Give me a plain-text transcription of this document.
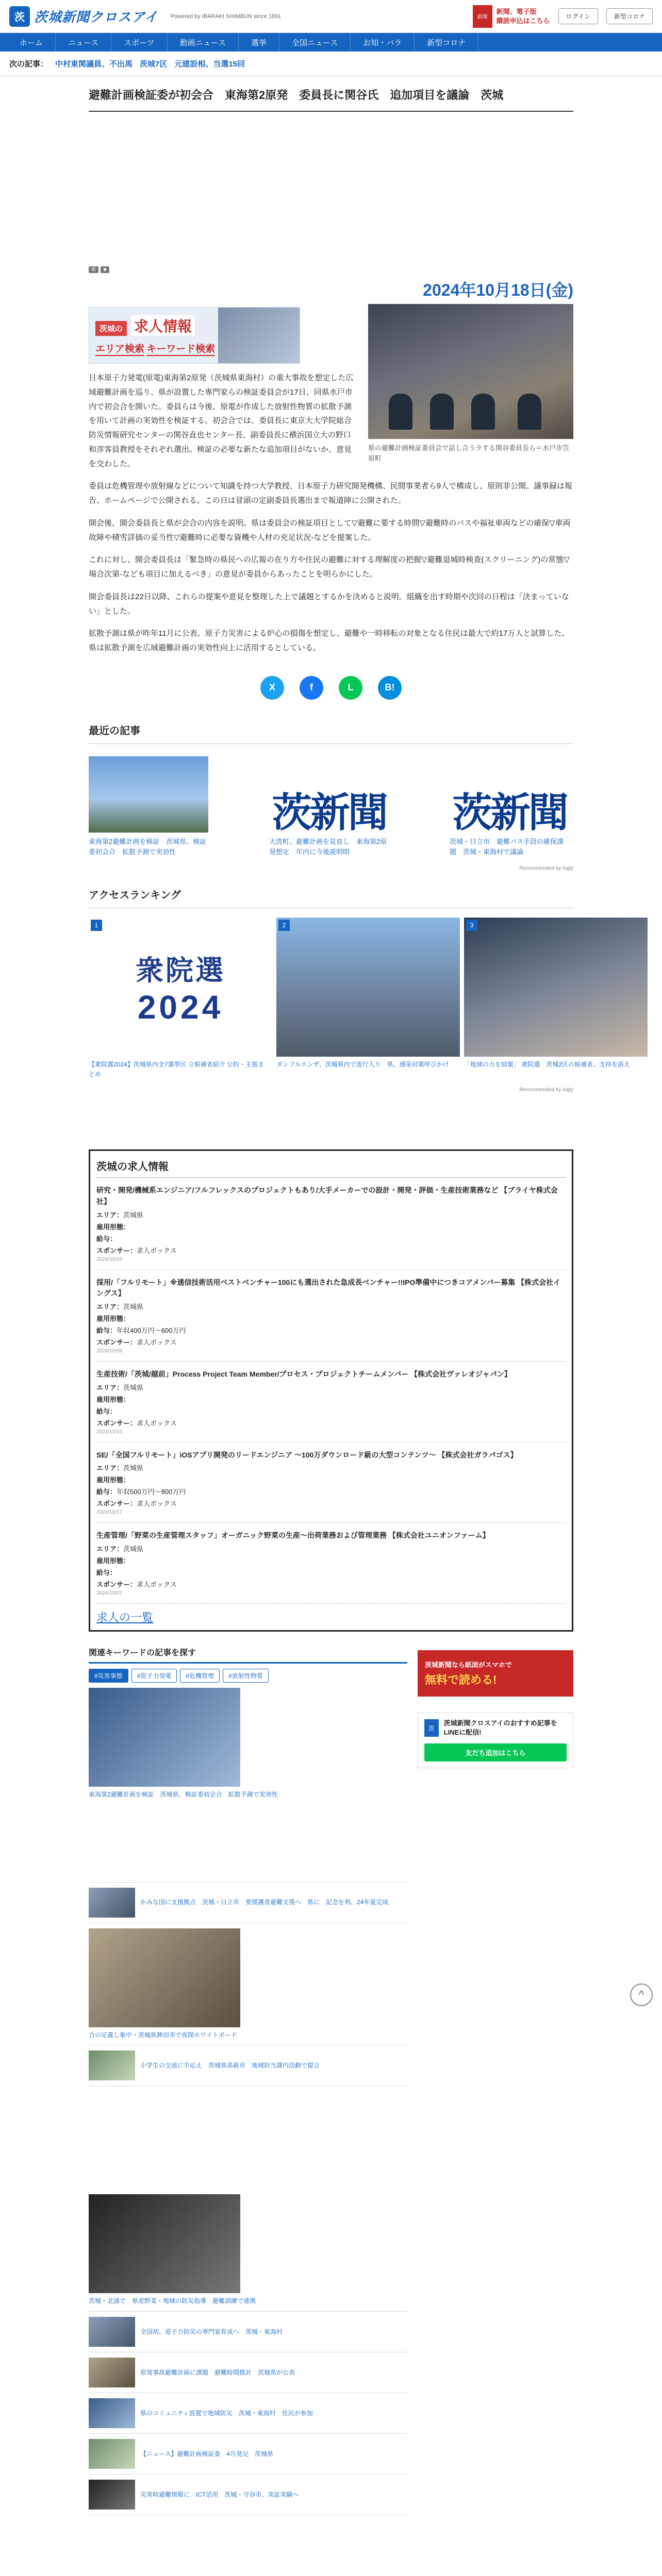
茨 茨城新聞クロスアイ Powered by IBARAKI SHIMBUN since 1891	新聞
新聞、電子版
購読申込はこちら
ログイン	新型コロナ
ホーム	ニュース	スポーツ	動画ニュース	選挙	全国ニュース	お知・バラ	新型コロナ
次の記事： 中村東関議員、不出馬 茨城7区 元建設相、当選15回
避難計画検証委が初会合　東海第2原発　委員長に関谷氏　追加項目を議論　茨城
IE	■
2024年10月18日(金)
茨城の 求人情報
エリア検索 キーワード検索

日本原子力発電(原電)東海第2原発（茨城県東海村）の重大事故を想定した広域避難計画を巡り、県が設置した専門家らの検証委員会が17日、同県水戸市内で初会合を開いた。委員らは今後、原電が作成した放射性物質の拡散予測を用いて計画の実効性を検証する。初会合では、委員長に東京大大学院総合防災情報研究センターの関谷直也センター長、副委員長に横浜国立大の野口和彦客員教授をそれぞれ選出。検証の必要な新たな追加項目がないか、意見を交わした。

県の避難計画検証委員会で話し合うラする関谷委員長ら＝水戸市笠原町

委員は危機管理や放射線などについて知識を持つ大学教授、日本原子力研究開発機構、民間事業者ら9人で構成し、原則非公開。議事録は報告、ホームページで公開される。この日は冒頭の定副委員長選出まで報道陣に公開された。

開会後、開会委員長と県が会合の内容を説明。県は委員会の検証項目として▽避難に要する時間▽避難時のバスや福祉車両などの確保▽車両故障や積雪詳価の妥当性▽避難時に必要な資機や人材の充足状況-などを提案した。

これに対し、開会委員長は「緊急時の県民への広報の在り方や住民の避難に対する理解度の把握▽避難退城時検査(スクリーニング)の常態▽場合次第-なども項目に加えるべき」の意見が委員からあったことを明らかにした。

開会委員長は22日以降、これらの提案や意見を整理した上で議題とするかを決めると説明。組織を出す時期や次回の日程は「決まっていない」とした。

拡散予測は県が昨年11月に公表。原子力災害による炉心の損傷を想定し、避難や一時移転の対象となる住民は最大で約17万人と試算した。県は拡散予測を広域避難計画の実効性向上に活用するとしている。

X	f	L	B!
最近の記事
東海第2避難計画を検証　茨城県、検証委初会合　拡散予測で実効性
茨新聞
大洗町、避難計画を見直し　東海第2原発想定　年内に今後説明明
茨新聞
茨城・日立市　避難バス手段の確保課題　茨城・東海村で議論
Recommended by logly
アクセスランキング
1
衆院選
2024
【衆院選2024】茨城県内全7選挙区 立候補者紹介 公約・主張まとめ
2
ダンフルエンザ、茨城県内で流行入り　県、感染対策呼びかけ
3
「地域の力を結集」 衆院選　茨城2区の候補者、支持を訴え
Recommended by logly
茨城の求人情報
研究・開発/機械系エンジニア/フルフレックスのプロジェクトもあり/大手メーカーでの設計・開発・評価・生産技術業務など 【ブライヤ株式会社】
エリア：茨城県
雇用形態：
給与：
スポンサー：求人ボックス
2024/10/16
採用/「フルリモート」※通信技術活用ベストベンチャー100にも選出された急成長ベンチャー!!IPO準備中につきコアメンバー募集 【株式会社イングス】
エリア：茨城県
雇用形態：
給与：年収400万円〜600万円
スポンサー：求人ボックス
2024/10/09
生産技術/「茨城/越前」Process Project Team Member/プロセス・プロジェクトチームメンバー 【株式会社ヴァレオジャパン】
エリア：茨城県
雇用形態：
給与：
スポンサー：求人ボックス
2024/10/16
SE/「全国フルリモート」iOSアプリ開発のリードエンジニア 〜100万ダウンロード級の大型コンテンツ〜 【株式会社ガラパゴス】
エリア：茨城県
雇用形態：
給与：年収500万円〜800万円
スポンサー：求人ボックス
2024/10/17
生産管理/「野菜の生産管理スタッフ」オーガニック野菜の生産〜出荷業務および管理業務 【株式会社ユニオンファーム】
エリア：茨城県
雇用形態：
給与：
スポンサー：求人ボックス
2024/10/07
求人の一覧
関連キーワードの記事を探す
#災害事態	#原子力発電	#危機管理	#放射性物質
東海第2避難計画を検証　茨城県、検証委初会合　拡散予測で実効性
かみな国に支援拠点　茨城・日立市　要援護者避難支援へ　県に　記念を利、24年夏完成
合の定義し集中・茨城県鉾田市で夜間ホワイトボード
小学生の交流に手応え　茨城県高萩市　地域担当課内活動で提言
茨城・北浦で　県産野菜・地域の防災指導　避難訓練で連携
全国初、原子力防災の専門家育成へ　茨城・東海村
原発事故避難計画に課題　避難時間推計　茨城県が公表
県のコミュニティ設置で地域防災　茨城・東海村　住民が参加
【ニュース】避難計画検証委　4月発足　茨城県
災害時避難情報に　ICT活用　茨城・守谷市、実証実験へ
茨城新聞なら紙面がスマホで
無料で読める!
茨
茨城新聞クロスアイのおすすめ記事をLINEに配信!
友だち追加はこちら
^
